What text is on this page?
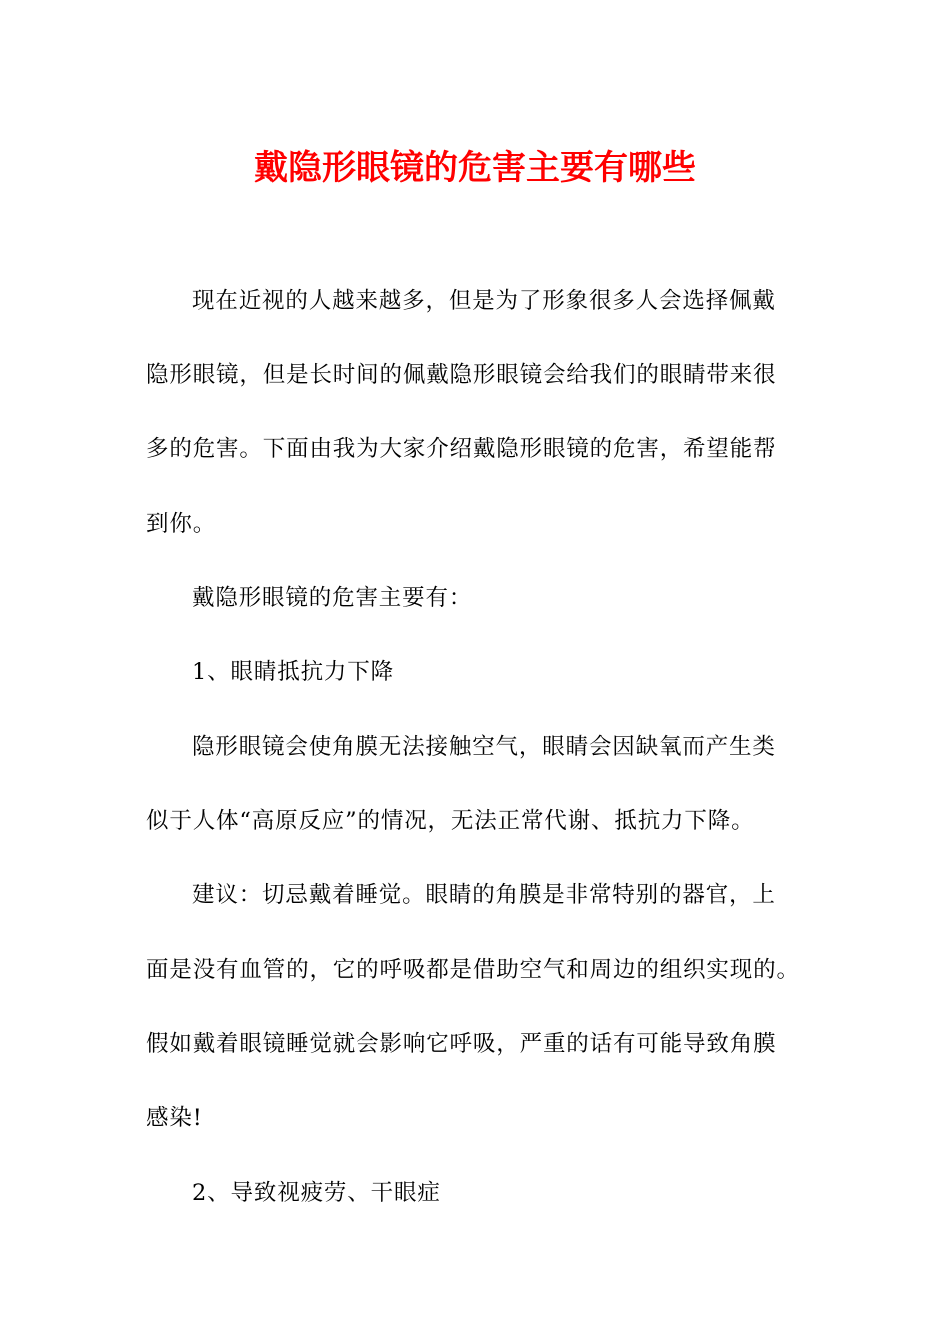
戴隐形眼镜的危害主要有哪些

现在近视的人越来越多，但是为了形象很多人会选择佩戴

隐形眼镜，但是长时间的佩戴隐形眼镜会给我们的眼睛带来很

多的危害。下面由我为大家介绍戴隐形眼镜的危害，希望能帮

到你。

戴隐形眼镜的危害主要有：

1、眼睛抵抗力下降

隐形眼镜会使角膜无法接触空气，眼睛会因缺氧而产生类

似于人体“高原反应”的情况，无法正常代谢、抵抗力下降。

建议：切忌戴着睡觉。眼睛的角膜是非常特别的器官，上

面是没有血管的，它的呼吸都是借助空气和周边的组织实现的。

假如戴着眼镜睡觉就会影响它呼吸，严重的话有可能导致角膜

感染!

2、导致视疲劳、干眼症
